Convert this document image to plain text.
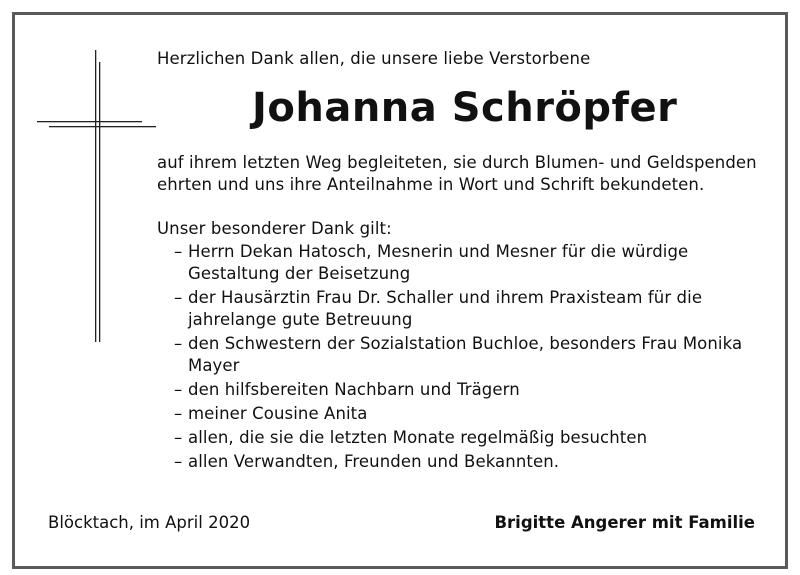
Herzlichen Dank allen, die unsere liebe Verstorbene
Johanna Schröpfer
auf ihrem letzten Weg begleiteten, sie durch Blumen- und Geldspenden
ehrten und uns ihre Anteilnahme in Wort und Schrift bekundeten.
Unser besonderer Dank gilt:
– Herrn Dekan Hatosch, Mesnerin und Mesner für die würdige
Gestaltung der Beisetzung
– der Hausärztin Frau Dr. Schaller und ihrem Praxisteam für die
jahrelange gute Betreuung
– den Schwestern der Sozialstation Buchloe, besonders Frau Monika
Mayer
– den hilfsbereiten Nachbarn und Trägern
– meiner Cousine Anita
– allen, die sie die letzten Monate regelmäßig besuchten
– allen Verwandten, Freunden und Bekannten.
Blöcktach, im April 2020	Brigitte Angerer mit Familie
